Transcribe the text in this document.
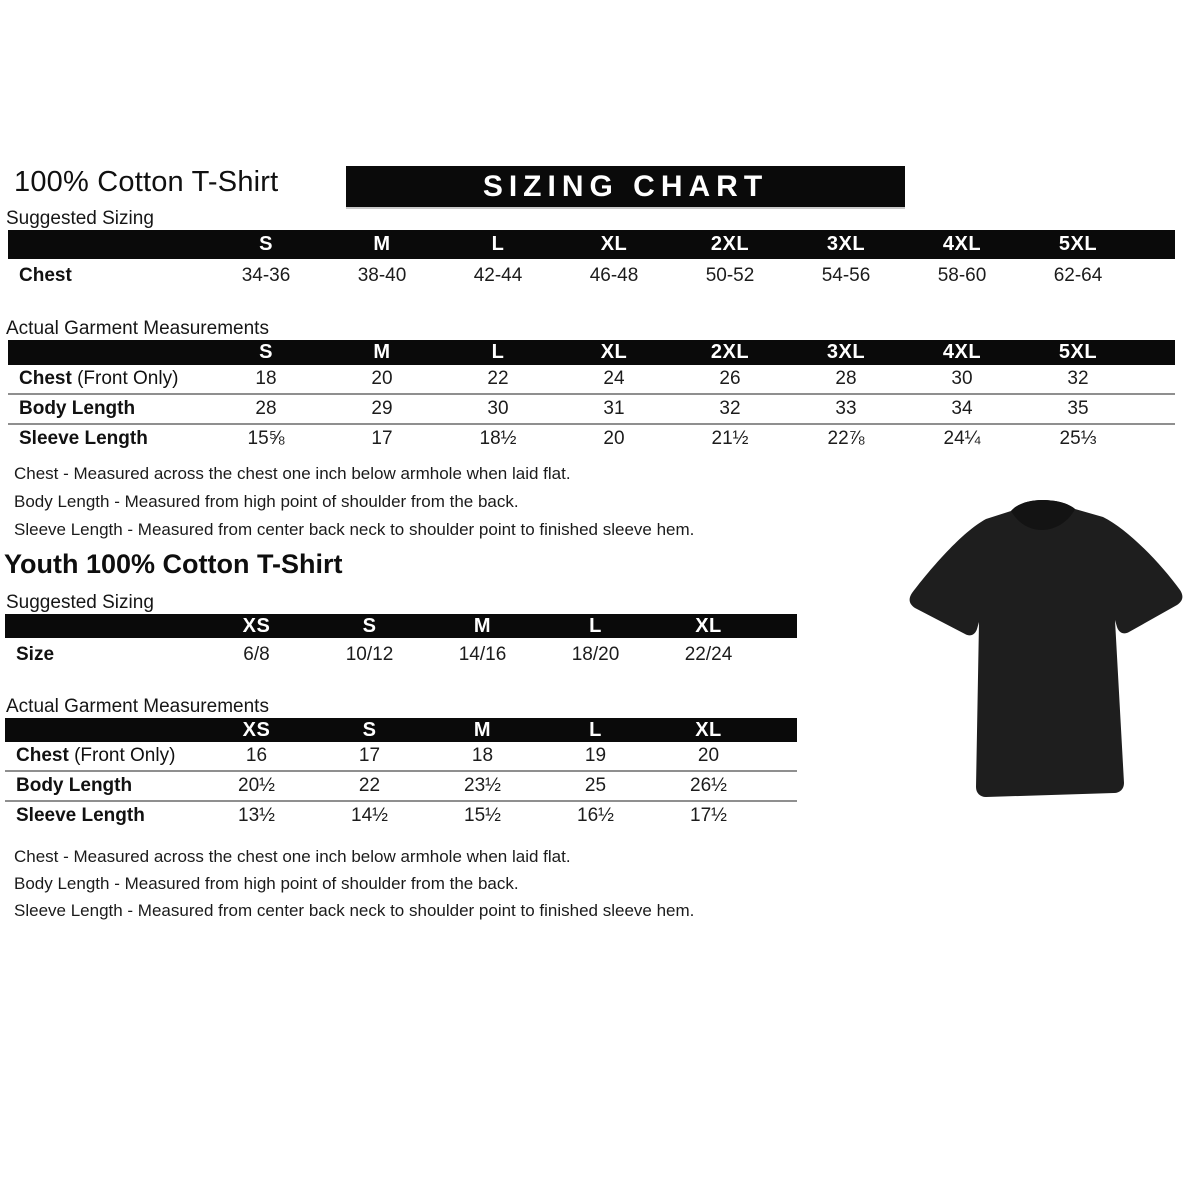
100% Cotton T-Shirt	SIZING CHART
Suggested Sizing
	S	M	L	XL	2XL	3XL	4XL	5XL	
Chest	34-36	38-40	42-44	46-48	50-52	54-56	58-60	62-64	
Actual Garment Measurements
	S	M	L	XL	2XL	3XL	4XL	5XL	
Chest (Front Only)	18	20	22	24	26	28	30	32	
Body Length	28	29	30	31	32	33	34	35	
Sleeve Length	15⅝	17	18½	20	21½	22⅞	24¼	25⅓	

Chest - Measured across the chest one inch below armhole when laid flat.

Body Length - Measured from high point of shoulder from the back.

Sleeve Length - Measured from center back neck to shoulder point to finished sleeve hem.

Youth 100% Cotton T-Shirt
Suggested Sizing
	XS	S	M	L	XL	
Size	6/8	10/12	14/16	18/20	22/24	
Actual Garment Measurements
	XS	S	M	L	XL	
Chest (Front Only)	16	17	18	19	20	
Body Length	20½	22	23½	25	26½	
Sleeve Length	13½	14½	15½	16½	17½	

Chest - Measured across the chest one inch below armhole when laid flat.

Body Length - Measured from high point of shoulder from the back.

Sleeve Length - Measured from center back neck to shoulder point to finished sleeve hem.
